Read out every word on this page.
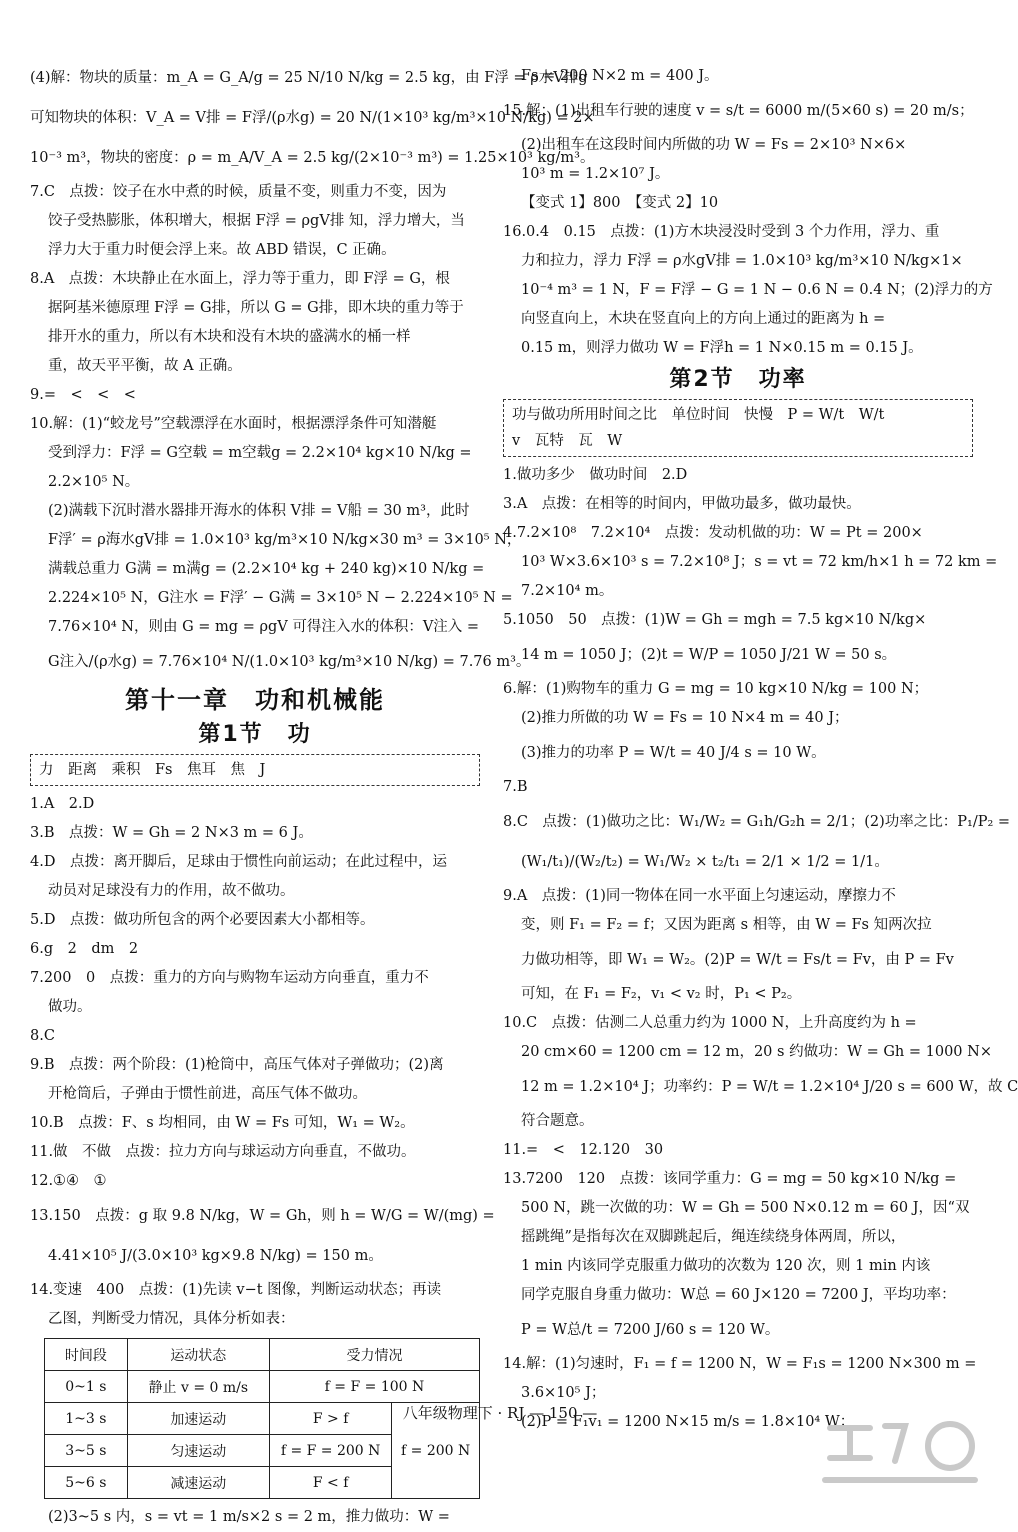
(4)解：物块的质量：m_A = G_A/g = 25 N/10 N/kg = 2.5 kg，由 F浮 = ρ水V排g
可知物块的体积：V_A = V排 = F浮/(ρ水g) = 20 N/(1×10³ kg/m³×10 N/kg) = 2×
10⁻³ m³，物块的密度：ρ = m_A/V_A = 2.5 kg/(2×10⁻³ m³) = 1.25×10³ kg/m³。
7.C　点拨：饺子在水中煮的时候，质量不变，则重力不变，因为
饺子受热膨胀，体积增大，根据 F浮 = ρgV排 知，浮力增大，当
浮力大于重力时便会浮上来。故 ABD 错误，C 正确。
8.A　点拨：木块静止在水面上，浮力等于重力，即 F浮 = G，根
据阿基米德原理 F浮 = G排，所以 G = G排，即木块的重力等于
排开水的重力，所以有木块和没有木块的盛满水的桶一样
重，故天平平衡，故 A 正确。
9.=　<　<　<
10.解：(1)“蛟龙号”空载漂浮在水面时，根据漂浮条件可知潜艇
受到浮力：F浮 = G空载 = m空载g = 2.2×10⁴ kg×10 N/kg =
2.2×10⁵ N。
(2)满载下沉时潜水器排开海水的体积 V排 = V船 = 30 m³，此时
F浮′ = ρ海水gV排 = 1.0×10³ kg/m³×10 N/kg×30 m³ = 3×10⁵ N，
满载总重力 G满 = m满g = (2.2×10⁴ kg + 240 kg)×10 N/kg =
2.224×10⁵ N，G注水 = F浮′ − G满 = 3×10⁵ N − 2.224×10⁵ N =
7.76×10⁴ N，则由 G = mg = ρgV 可得注入水的体积：V注入 =
G注入/(ρ水g) = 7.76×10⁴ N/(1.0×10³ kg/m³×10 N/kg) = 7.76 m³。
第十一章　功和机械能
第1节　功
力　距离　乘积　Fs　焦耳　焦　J
1.A　2.D
3.B　点拨：W = Gh = 2 N×3 m = 6 J。
4.D　点拨：离开脚后，足球由于惯性向前运动；在此过程中，运
动员对足球没有力的作用，故不做功。
5.D　点拨：做功所包含的两个必要因素大小都相等。
6.g　2　dm　2
7.200　0　点拨：重力的方向与购物车运动方向垂直，重力不
做功。
8.C
9.B　点拨：两个阶段：(1)枪筒中，高压气体对子弹做功；(2)离
开枪筒后，子弹由于惯性前进，高压气体不做功。
10.B　点拨：F、s 均相同，由 W = Fs 可知，W₁ = W₂。
11.做　不做　点拨：拉力方向与球运动方向垂直，不做功。
12.①④　①
13.150　点拨：g 取 9.8 N/kg，W = Gh，则 h = W/G = W/(mg) =
4.41×10⁵ J/(3.0×10³ kg×9.8 N/kg) = 150 m。
14.变速　400　点拨：(1)先读 v−t 图像，判断运动状态；再读
乙图，判断受力情况，具体分析如表：
时间段	运动状态	受力情况	
0~1 s	静止 v = 0 m/s	f = F = 100 N	
1~3 s	加速运动	F > f	f = 200 N
3~5 s	匀速运动	f = F = 200 N	
5~6 s	减速运动	F < f	
(2)3~5 s 内，s = vt = 1 m/s×2 s = 2 m，推力做功：W =
Fs = 200 N×2 m = 400 J。
15.解：(1)出租车行驶的速度 v = s/t = 6000 m/(5×60 s) = 20 m/s；
(2)出租车在这段时间内所做的功 W = Fs = 2×10³ N×6×
10³ m = 1.2×10⁷ J。
【变式 1】800　【变式 2】10
16.0.4　0.15　点拨：(1)方木块浸没时受到 3 个力作用，浮力、重
力和拉力，浮力 F浮 = ρ水gV排 = 1.0×10³ kg/m³×10 N/kg×1×
10⁻⁴ m³ = 1 N，F = F浮 − G = 1 N − 0.6 N = 0.4 N；(2)浮力的方
向竖直向上，木块在竖直向上的方向上通过的距离为 h =
0.15 m，则浮力做功 W = F浮h = 1 N×0.15 m = 0.15 J。
第2节　功率
功与做功所用时间之比　单位时间　快慢　P = W/t　W/t
v　瓦特　瓦　W
1.做功多少　做功时间　2.D
3.A　点拨：在相等的时间内，甲做功最多，做功最快。
4.7.2×10⁸　7.2×10⁴　点拨：发动机做的功：W = Pt = 200×
10³ W×3.6×10³ s = 7.2×10⁸ J；s = vt = 72 km/h×1 h = 72 km =
7.2×10⁴ m。
5.1050　50　点拨：(1)W = Gh = mgh = 7.5 kg×10 N/kg×
14 m = 1050 J；(2)t = W/P = 1050 J/21 W = 50 s。
6.解：(1)购物车的重力 G = mg = 10 kg×10 N/kg = 100 N；
(2)推力所做的功 W = Fs = 10 N×4 m = 40 J；
(3)推力的功率 P = W/t = 40 J/4 s = 10 W。
7.B
8.C　点拨：(1)做功之比：W₁/W₂ = G₁h/G₂h = 2/1；(2)功率之比：P₁/P₂ =
(W₁/t₁)/(W₂/t₂) = W₁/W₂ × t₂/t₁ = 2/1 × 1/2 = 1/1。
9.A　点拨：(1)同一物体在同一水平面上匀速运动，摩擦力不
变，则 F₁ = F₂ = f；又因为距离 s 相等，由 W = Fs 知两次拉
力做功相等，即 W₁ = W₂。(2)P = W/t = Fs/t = Fv，由 P = Fv
可知，在 F₁ = F₂，v₁ < v₂ 时，P₁ < P₂。
10.C　点拨：估测二人总重力约为 1000 N，上升高度约为 h =
20 cm×60 = 1200 cm = 12 m，20 s 约做功：W = Gh = 1000 N×
12 m = 1.2×10⁴ J；功率约：P = W/t = 1.2×10⁴ J/20 s = 600 W，故 C
符合题意。
11.=　<　12.120　30
13.7200　120　点拨：该同学重力：G = mg = 50 kg×10 N/kg =
500 N，跳一次做的功：W = Gh = 500 N×0.12 m = 60 J，因“双
摇跳绳”是指每次在双脚跳起后，绳连续绕身体两周，所以，
1 min 内该同学克服重力做功的次数为 120 次，则 1 min 内该
同学克服自身重力做功：W总 = 60 J×120 = 7200 J，平均功率：
P = W总/t = 7200 J/60 s = 120 W。
14.解：(1)匀速时，F₁ = f = 1200 N，W = F₁s = 1200 N×300 m =
3.6×10⁵ J；
(2)P = F₁v₁ = 1200 N×15 m/s = 1.8×10⁴ W；
八年级物理下 · RJ — 150 —
